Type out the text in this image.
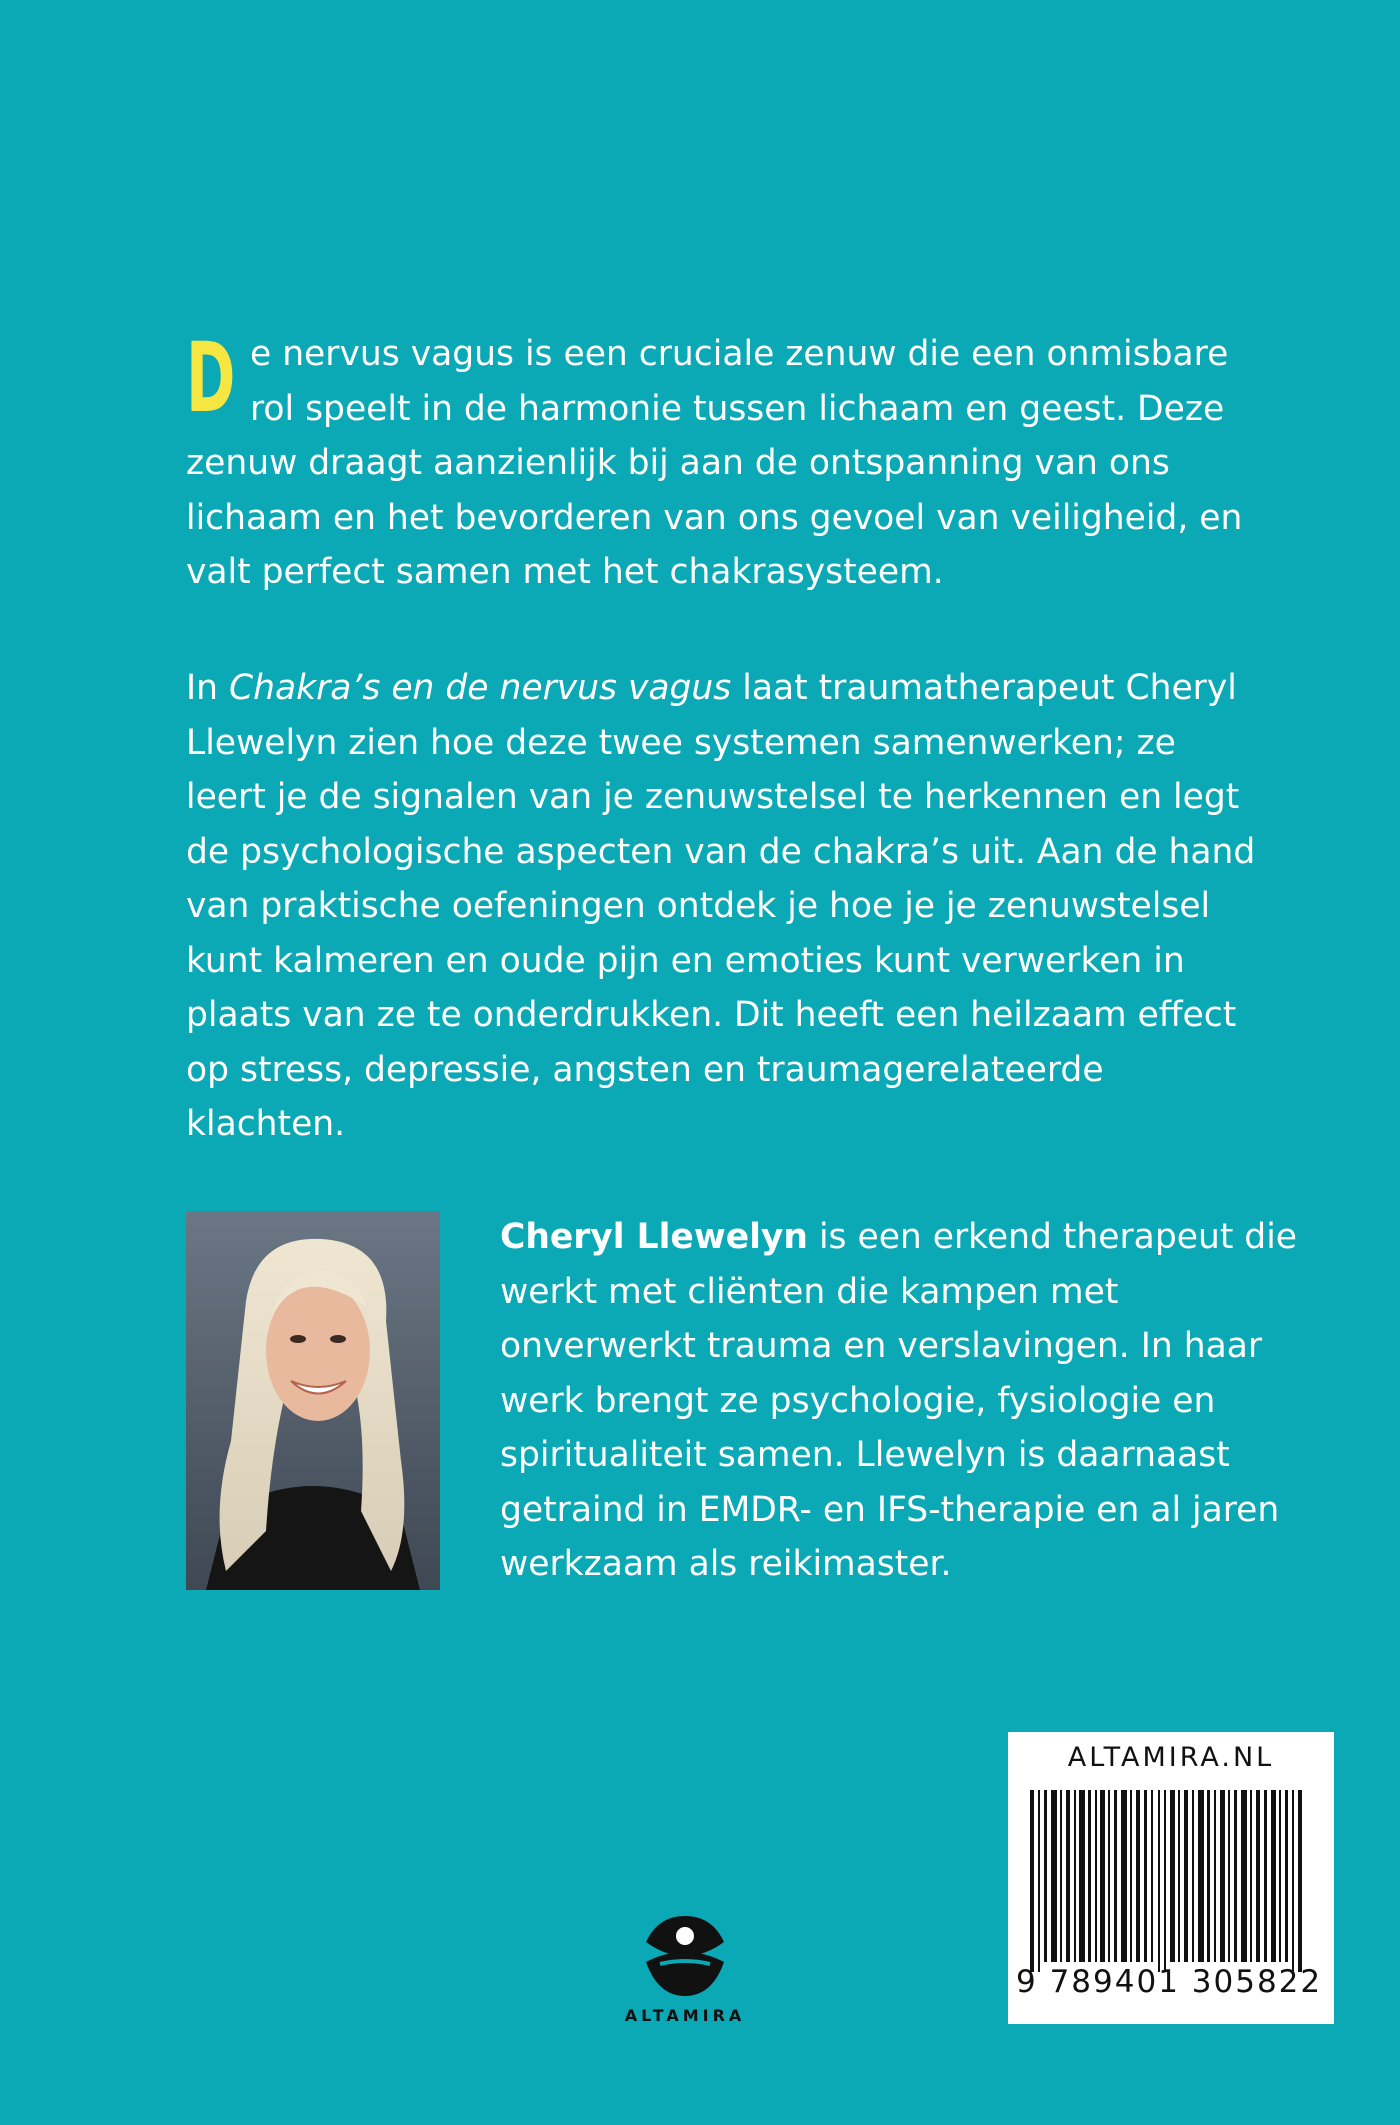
De nervus vagus is een cruciale zenuw die een onmisbare rol speelt in de harmonie tussen lichaam en geest. Deze zenuw draagt aanzienlijk bij aan de ontspanning van ons lichaam en het bevorderen van ons gevoel van veiligheid, en valt perfect samen met het chakrasysteem.

In Chakra’s en de nervus vagus laat traumatherapeut Cheryl Llewelyn zien hoe deze twee systemen samenwerken; ze leert je de signalen van je zenuwstelsel te herkennen en legt de psychologische aspecten van de chakra’s uit. Aan de hand van praktische oefeningen ontdek je hoe je je zenuwstelsel kunt kalmeren en oude pijn en emoties kunt verwerken in plaats van ze te onderdrukken. Dit heeft een heilzaam effect op stress, depressie, angsten en traumagerelateerde klachten.

Cheryl Llewelyn is een erkend therapeut die werkt met cliënten die kampen met onverwerkt trauma en verslavingen. In haar werk brengt ze psychologie, fysiologie en spiritualiteit samen. Llewelyn is daarnaast getraind in EMDR- en IFS-therapie en al jaren werkzaam als reikimaster.

ALTAMIRA
ALTAMIRA.NL
9 789401 305822
